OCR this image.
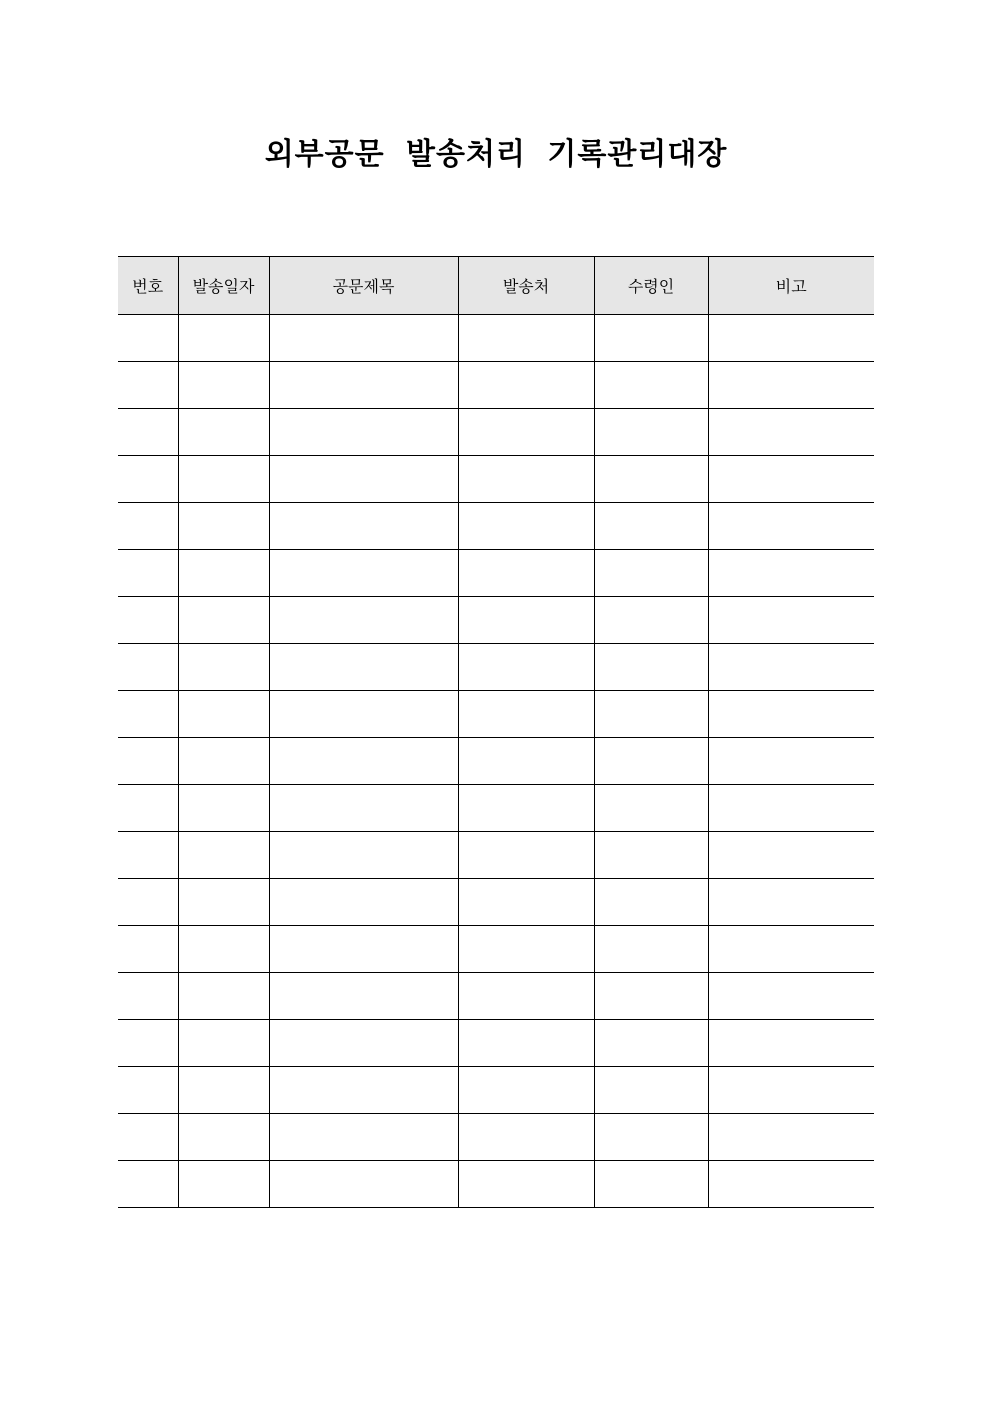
외부공문 발송처리 기록관리대장
번호	발송일자	공문제목	발송처	수령인	비고
